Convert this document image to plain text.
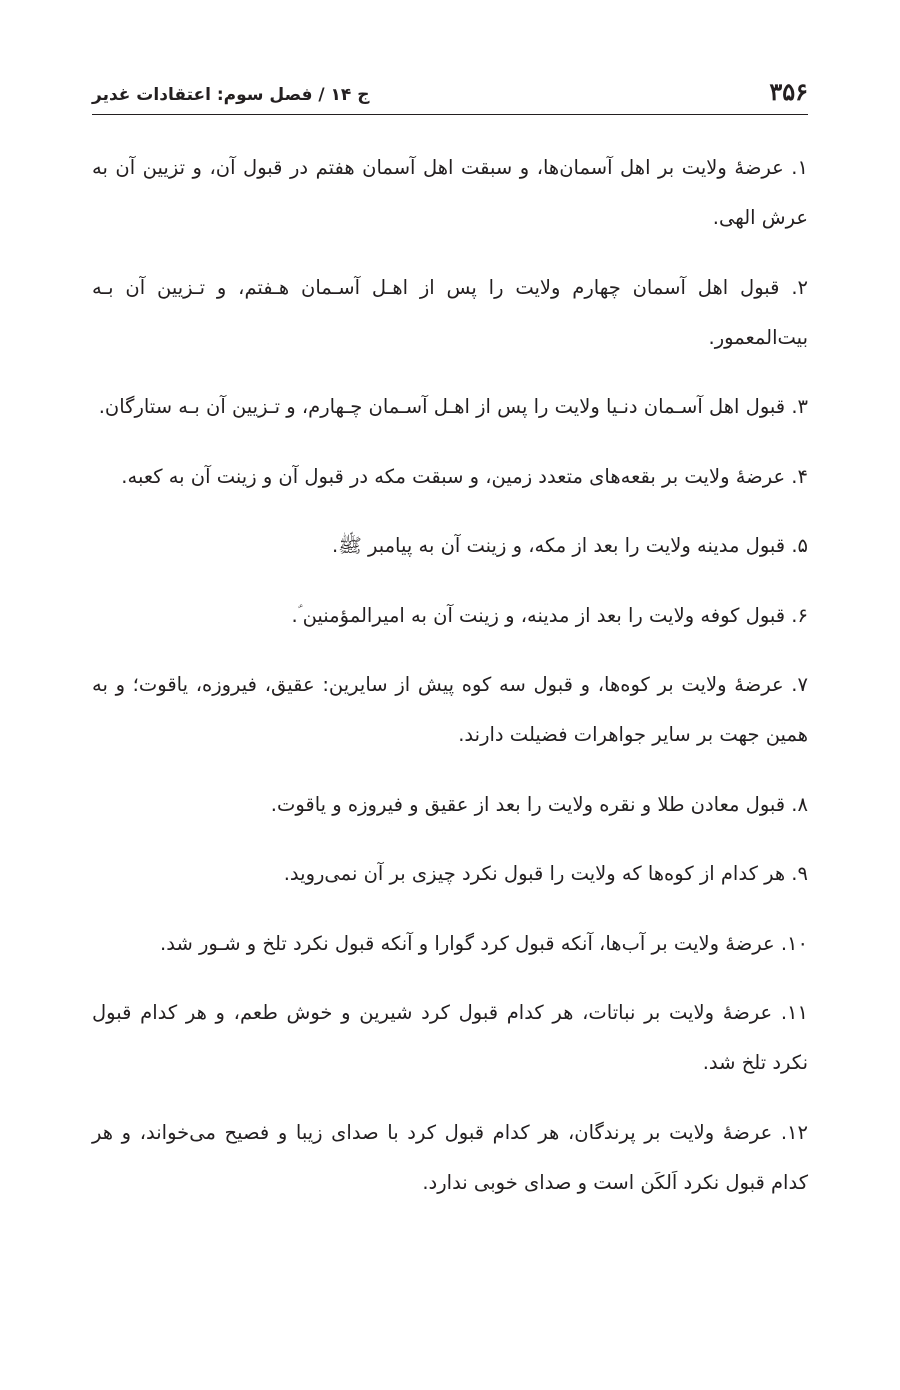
۳۵۶
ج ۱۴ / فصل سوم: اعتقادات غدیر

۱. عرضهٔ ولایت بر اهل آسمان‌ها، و سبقت اهل آسمان هفتم در قبول آن، و تزیین آن به عرش الهی.

۲. قبول اهل آسمان چهارم ولایت را پس از اهـل آسـمان هـفتم، و تـزیین آن بـه بیت‌المعمور.

۳. قبول اهل آسـمان دنـیا ولایت را پس از اهـل آسـمان چـهارم، و تـزیین آن بـه ستارگان.

۴. عرضهٔ ولایت بر بقعه‌های متعدد زمین، و سبقت مکه در قبول آن و زینت آن به کعبه.

۵. قبول مدینه ولایت را بعد از مکه، و زینت آن به پیامبر ﷺ.

۶. قبول کوفه ولایت را بعد از مدینه، و زینت آن به امیرالمؤمنین ؑ.

۷. عرضهٔ ولایت بر کوه‌ها، و قبول سه کوه پیش از سایرین: عقیق، فیروزه، یاقوت؛ و به همین جهت بر سایر جواهرات فضیلت دارند.

۸. قبول معادن طلا و نقره ولایت را بعد از عقیق و فیروزه و یاقوت.

۹. هر کدام از کوه‌ها که ولایت را قبول نکرد چیزی بر آن نمی‌روید.

۱۰. عرضهٔ ولایت بر آب‌ها، آنکه قبول کرد گوارا و آنکه قبول نکرد تلخ و شـور شد.

۱۱. عرضهٔ ولایت بر نباتات، هر کدام قبول کرد شیرین و خوش طعم، و هر کدام قبول نکرد تلخ شد.

۱۲. عرضهٔ ولایت بر پرندگان، هر کدام قبول کرد با صدای زیبا و فصیح می‌خواند، و هر کدام قبول نکرد اَلکَن است و صدای خوبی ندارد.
